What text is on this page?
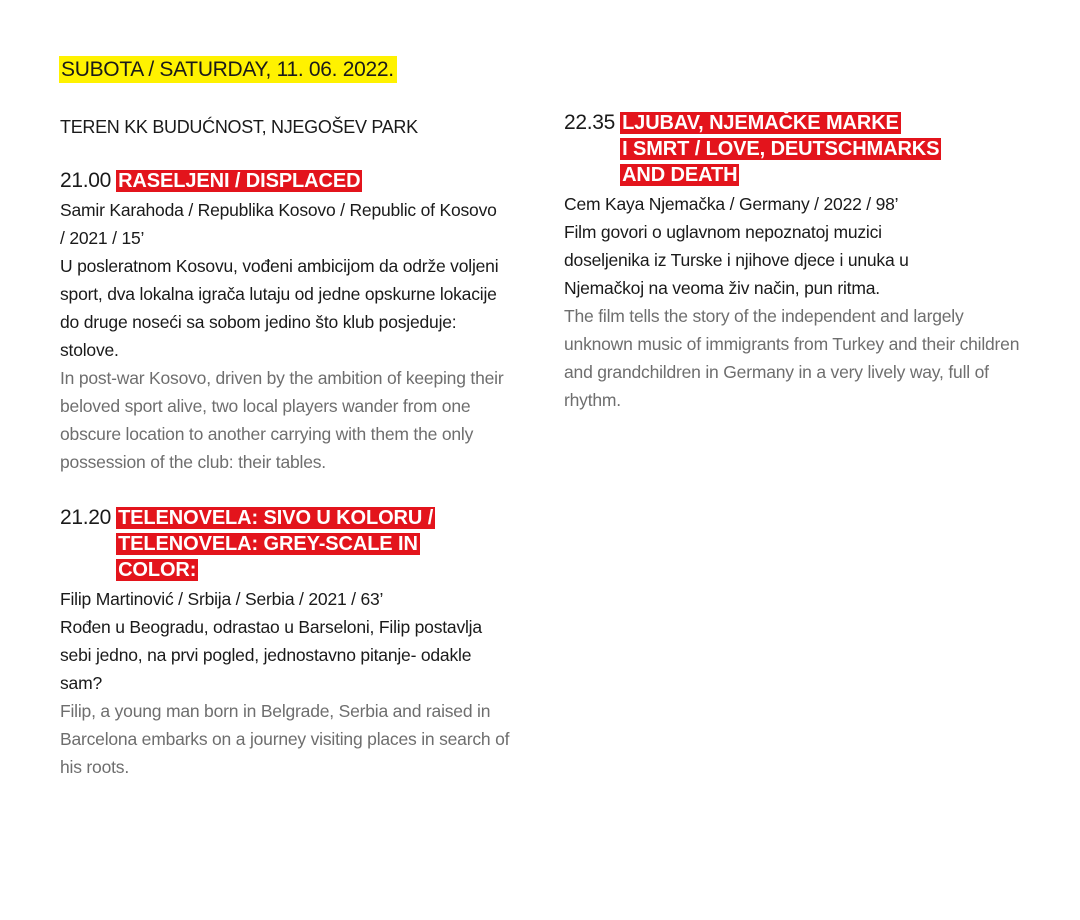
SUBOTA / SATURDAY, 11. 06. 2022.
TEREN KK BUDUĆNOST, NJEGOŠEV PARK
21.00 RASELJENI / DISPLACED
Samir Karahoda / Republika Kosovo / Republic of Kosovo / 2021 / 15’
U posleratnom Kosovu, vođeni ambicijom da održe voljeni sport, dva lokalna igrača lutaju od jedne opskurne lokacije do druge noseći sa sobom jedino što klub posjeduje: stolove.
In post-war Kosovo, driven by the ambition of keeping their beloved sport alive, two local players wander from one obscure location to another carrying with them the only possession of the club: their tables.
21.20 TELENOVELA: SIVO U KOLORU /
TELENOVELA: GREY-SCALE IN
COLOR:
Filip Martinović / Srbija / Serbia / 2021 / 63’
Rođen u Beogradu, odrastao u Barseloni, Filip postavlja sebi jedno, na prvi pogled, jednostavno pitanje- odakle sam?
Filip, a young man born in Belgrade, Serbia and raised in Barcelona embarks on a journey visiting places in search of his roots.
22.35 LJUBAV, NJEMAČKE MARKE
I SMRT / LOVE, DEUTSCHMARKS
AND DEATH
Cem Kaya Njemačka / Germany / 2022 / 98’
Film govori o uglavnom nepoznatoj muzici doseljenika iz Turske i njihove djece i unuka u Njemačkoj na veoma živ način, pun ritma.
The film tells the story of the independent and largely unknown music of immigrants from Turkey and their children and grandchildren in Germany in a very lively way, full of rhythm.
